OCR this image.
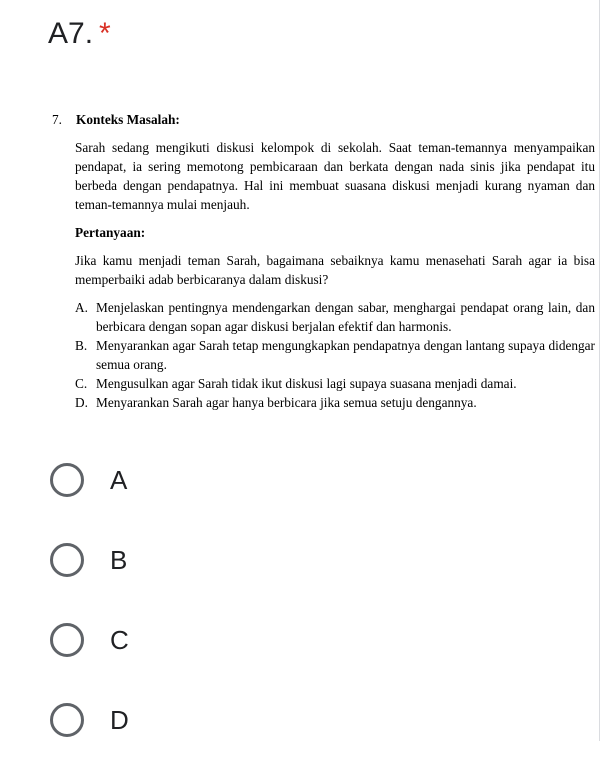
A7. *
7.	Konteks Masalah:

Sarah sedang mengikuti diskusi kelompok di sekolah. Saat teman-temannya menyampaikan pendapat, ia sering memotong pembicaraan dan berkata dengan nada sinis jika pendapat itu berbeda dengan pendapatnya. Hal ini membuat suasana diskusi menjadi kurang nyaman dan teman-temannya mulai menjauh.

Pertanyaan:

Jika kamu menjadi teman Sarah, bagaimana sebaiknya kamu menasehati Sarah agar ia bisa memperbaiki adab berbicaranya dalam diskusi?

A. Menjelaskan pentingnya mendengarkan dengan sabar, menghargai pendapat orang lain, dan berbicara dengan sopan agar diskusi berjalan efektif dan harmonis.
B. Menyarankan agar Sarah tetap mengungkapkan pendapatnya dengan lantang supaya didengar semua orang.
C. Mengusulkan agar Sarah tidak ikut diskusi lagi supaya suasana menjadi damai.
D. Menyarankan Sarah agar hanya berbicara jika semua setuju dengannya.
A
B
C
D
